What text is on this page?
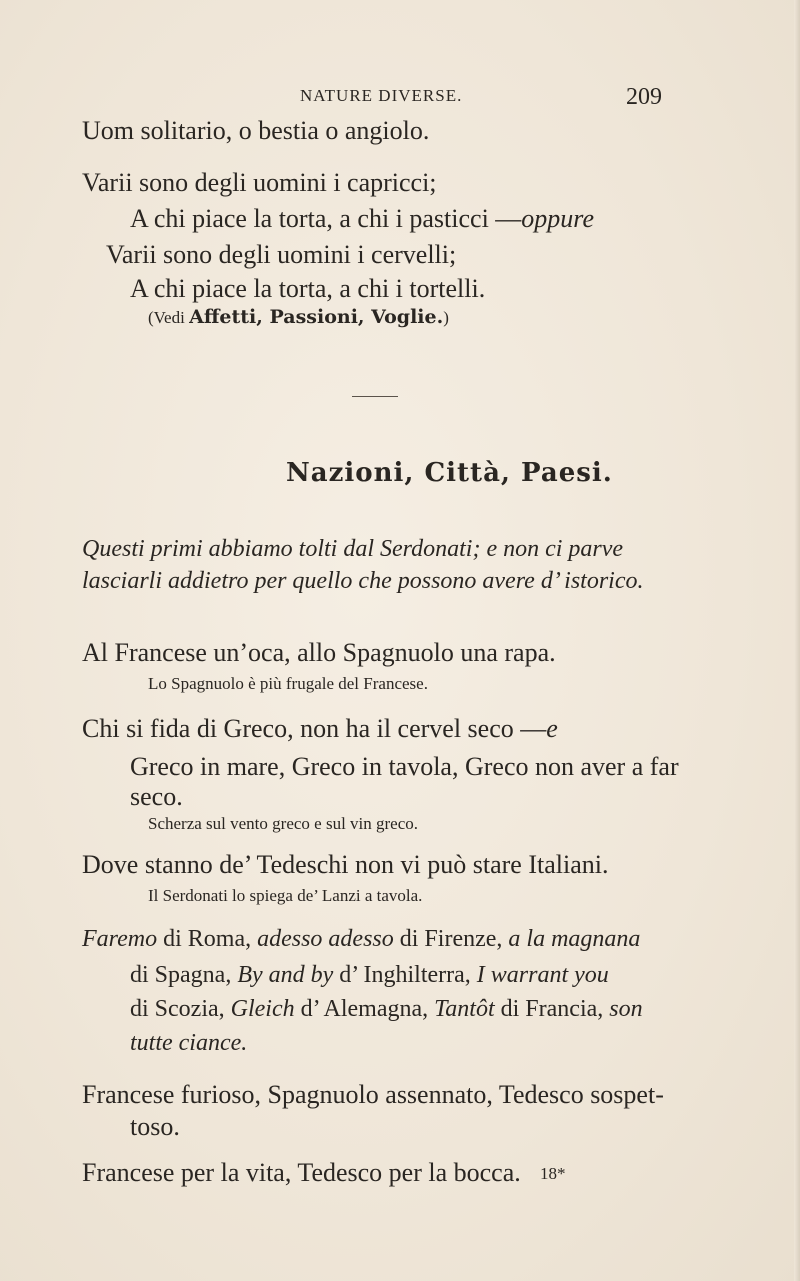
NATURE DIVERSE.	209
Uom solitario, o bestia o angiolo.
Varii sono degli uomini i capricci;
A chi piace la torta, a chi i pasticci —oppure
Varii sono degli uomini i cervelli;
A chi piace la torta, a chi i tortelli.
(Vedi Affetti, Passioni, Voglie.)
Nazioni, Città, Paesi.
Questi primi abbiamo tolti dal Serdonati; e non ci parve
lasciarli addietro per quello che possono avere d’ istorico.
Al Francese un’oca, allo Spagnuolo una rapa.
Lo Spagnuolo è più frugale del Francese.
Chi si fida di Greco, non ha il cervel seco —e
Greco in mare, Greco in tavola, Greco non aver a far
seco.
Scherza sul vento greco e sul vin greco.
Dove stanno de’ Tedeschi non vi può stare Italiani.
Il Serdonati lo spiega de’ Lanzi a tavola.
Faremo di Roma, adesso adesso di Firenze, a la magnana
di Spagna, By and by d’ Inghilterra, I warrant you
di Scozia, Gleich d’ Alemagna, Tantôt di Francia, son
tutte ciance.
Francese furioso, Spagnuolo assennato, Tedesco sospet-
toso.
Francese per la vita, Tedesco per la bocca. 18*
